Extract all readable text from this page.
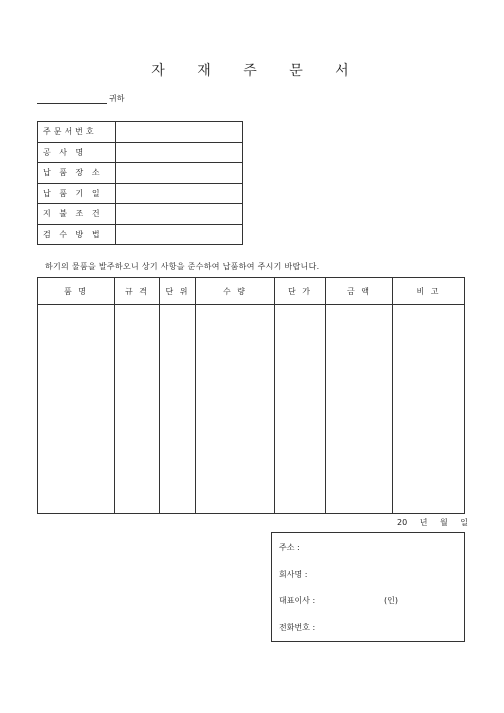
자 재 주 문 서
귀하
주문서번호	
공 사 명	
납 품 장 소	
납 품 기 일	
지 불 조 건	
검 수 방 법	
하기의 물품을 발주하오니 상기 사항을 준수하여 납품하여 주시기 바랍니다.
품 명	규 격	단 위	수 량	단 가	금 액	비 고

20 년 월 일
주소 :
회사명 :
대표이사 :	(인)
전화번호 :
